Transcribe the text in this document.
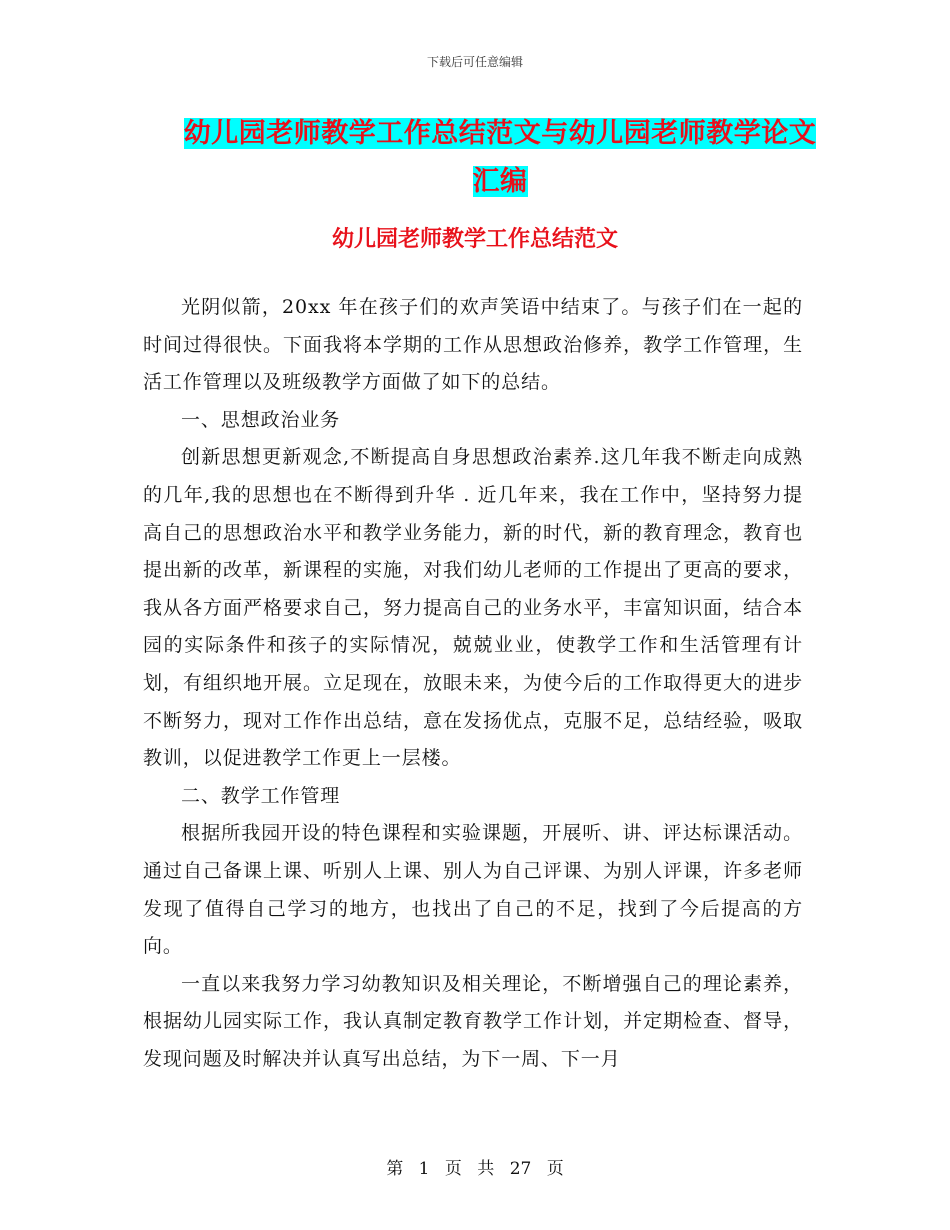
下载后可任意编辑
幼儿园老师教学工作总结范文与幼儿园老师教学论文
汇编
幼儿园老师教学工作总结范文

光阴似箭，20xx 年在孩子们的欢声笑语中结束了。与孩子们在一起的时间过得很快。下面我将本学期的工作从思想政治修养，教学工作管理，生活工作管理以及班级教学方面做了如下的总结。

一、思想政治业务

创新思想更新观念,不断提高自身思想政治素养.这几年我不断走向成熟的几年,我的思想也在不断得到升华 . 近几年来，我在工作中，坚持努力提高自己的思想政治水平和教学业务能力，新的时代，新的教育理念，教育也提出新的改革，新课程的实施，对我们幼儿老师的工作提出了更高的要求，我从各方面严格要求自己，努力提高自己的业务水平，丰富知识面，结合本园的实际条件和孩子的实际情况，兢兢业业，使教学工作和生活管理有计划，有组织地开展。立足现在，放眼未来，为使今后的工作取得更大的进步不断努力，现对工作作出总结，意在发扬优点，克服不足，总结经验，吸取教训，以促进教学工作更上一层楼。

二、教学工作管理

根据所我园开设的特色课程和实验课题，开展听、讲、评达标课活动。通过自己备课上课、听别人上课、别人为自己评课、为别人评课，许多老师发现了值得自己学习的地方，也找出了自己的不足，找到了今后提高的方向。

一直以来我努力学习幼教知识及相关理论，不断增强自己的理论素养，根据幼儿园实际工作，我认真制定教育教学工作计划，并定期检查、督导，发现问题及时解决并认真写出总结，为下一周、下一月

第 1 页 共 27 页
